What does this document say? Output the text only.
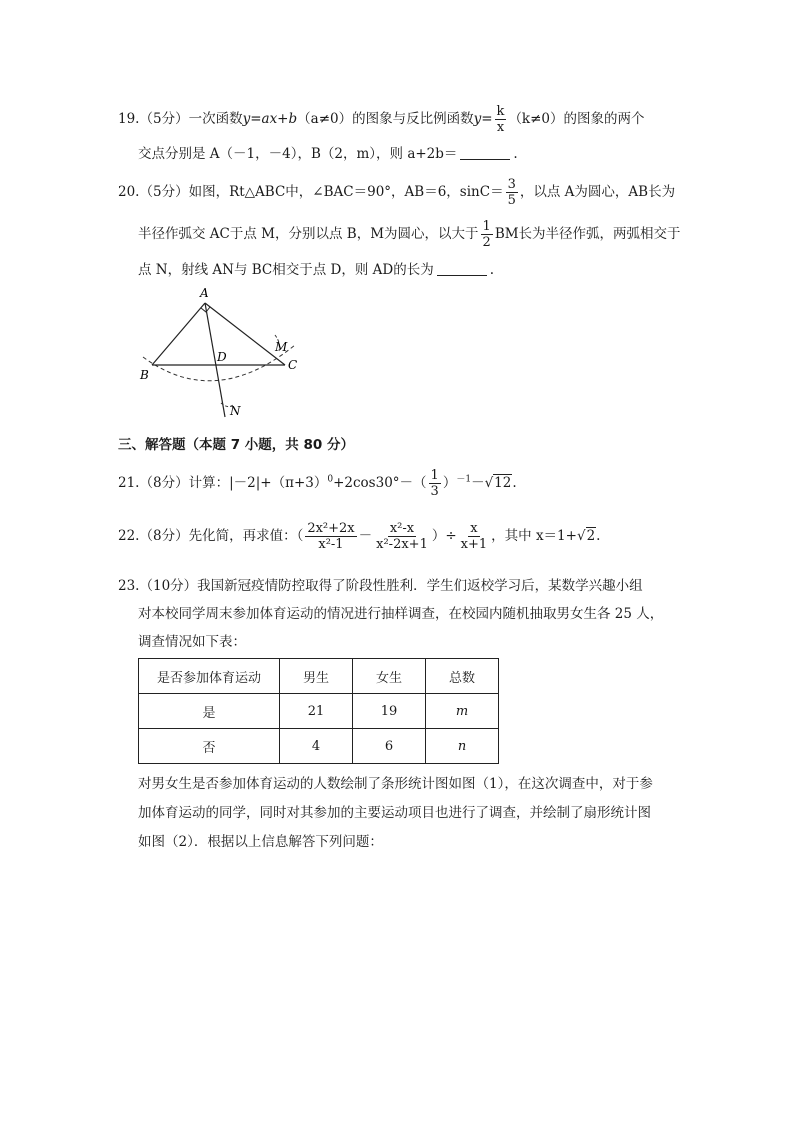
19.（5分）一次函数y=ax+b（a≠0）的图象与反比例函数$y= \frac{k}{x} (k\ne 0)$的图象的两个
交点分别是 A（－1，－4），B（2，m），则 a+2b＝	.
20.（5分）如图，Rt△ABC中，∠BAC＝90°，AB＝6，$\sin C= \frac{3}{5}$ ，以点 A为圆心，AB长为
半径作弧交 AC于点 M，分别以点 B，M为圆心，以大于 $\frac{1}{2}$ BM长为半径作弧，两弧相交于
点 N，射线 AN与 BC相交于点 D，则 AD的长为	.
A
B
C
D
M
N
三、解答题（本题 7 小题，共 80 分）
21.（8分）计算：$|-2|+(\pi+3)^0+2\cos 30^\circ-( \frac{1}{3} )^{-1}-√12$.
22.（8分）先化简，再求值：（ $\frac{\text{2x²+2x}}{\text{x²-1}} - \frac{\text{x²-x}}{\text{x²-2x+1}}$ ）÷ $\frac{x}{x+1}$ ，其中 x＝1+√2.
23.（10分）我国新冠疫情防控取得了阶段性胜利．学生们返校学习后，某数学兴趣小组
对本校同学周末参加体育运动的情况进行抽样调查，在校园内随机抽取男女生各 25 人，
调查情况如下表：
是否参加体育运动	男生	女生	总数
是	21	19	m
否	4	6	n
对男女生是否参加体育运动的人数绘制了条形统计图如图（1），在这次调查中，对于参
加体育运动的同学，同时对其参加的主要运动项目也进行了调查，并绘制了扇形统计图
如图（2）．根据以上信息解答下列问题：
